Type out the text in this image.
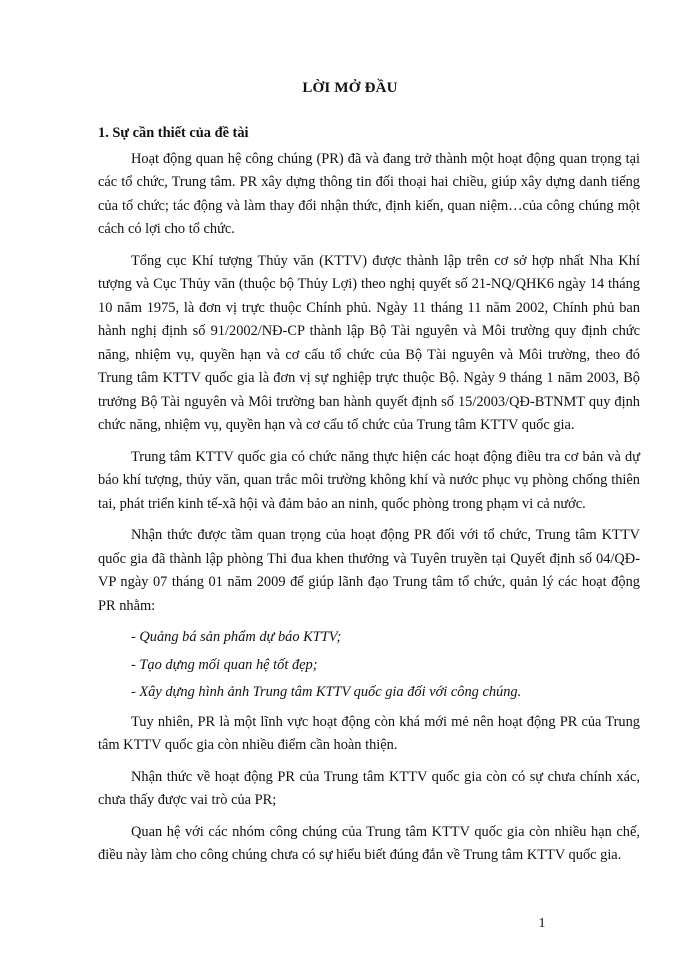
LỜI MỞ ĐẦU

1. Sự cần thiết của đề tài

Hoạt động quan hệ công chúng (PR) đã và đang trở thành một hoạt động quan trọng tại các tổ chức, Trung tâm. PR xây dựng thông tin đối thoại hai chiều, giúp xây dựng danh tiếng của tổ chức; tác động và làm thay đổi nhận thức, định kiến, quan niệm…của công chúng một cách có lợi cho tổ chức.

Tổng cục Khí tượng Thủy văn (KTTV) được thành lập trên cơ sở hợp nhất Nha Khí tượng và Cục Thủy văn (thuộc bộ Thủy Lợi) theo nghị quyết số 21-NQ/QHK6 ngày 14 tháng 10 năm 1975, là đơn vị trực thuộc Chính phủ. Ngày 11 tháng 11 năm 2002, Chính phủ ban hành nghị định số 91/2002/NĐ-CP thành lập Bộ Tài nguyên và Môi trường quy định chức năng, nhiệm vụ, quyền hạn và cơ cấu tổ chức của Bộ Tài nguyên và Môi trường, theo đó Trung tâm KTTV quốc gia là đơn vị sự nghiệp trực thuộc Bộ. Ngày 9 tháng 1 năm 2003, Bộ trưởng Bộ Tài nguyên và Môi trường ban hành quyết định số 15/2003/QĐ-BTNMT quy định chức năng, nhiệm vụ, quyền hạn và cơ cấu tổ chức của Trung tâm KTTV quốc gia.

Trung tâm KTTV quốc gia có chức năng thực hiện các hoạt động điều tra cơ bản và dự báo khí tượng, thủy văn, quan trắc môi trường không khí và nước phục vụ phòng chống thiên tai, phát triển kinh tế-xã hội và đảm bảo an ninh, quốc phòng trong phạm vi cả nước.

Nhận thức được tầm quan trọng của hoạt động PR đối với tổ chức, Trung tâm KTTV quốc gia đã thành lập phòng Thi đua khen thưởng và Tuyên truyền tại Quyết định số 04/QĐ-VP ngày 07 tháng 01 năm 2009 để giúp lãnh đạo Trung tâm tổ chức, quản lý các hoạt động PR nhằm:

- Quảng bá sản phẩm dự báo KTTV;
- Tạo dựng mối quan hệ tốt đẹp;
- Xây dựng hình ảnh Trung tâm KTTV quốc gia đối với công chúng.

Tuy nhiên, PR là một lĩnh vực hoạt động còn khá mới mẻ nên hoạt động PR của Trung tâm KTTV quốc gia còn nhiều điểm cần hoàn thiện.

Nhận thức về hoạt động PR của Trung tâm KTTV quốc gia còn có sự chưa chính xác, chưa thấy được vai trò của PR;

Quan hệ với các nhóm công chúng của Trung tâm KTTV quốc gia còn nhiều hạn chế, điều này làm cho công chúng chưa có sự hiểu biết đúng đắn về Trung tâm KTTV quốc gia.

1
